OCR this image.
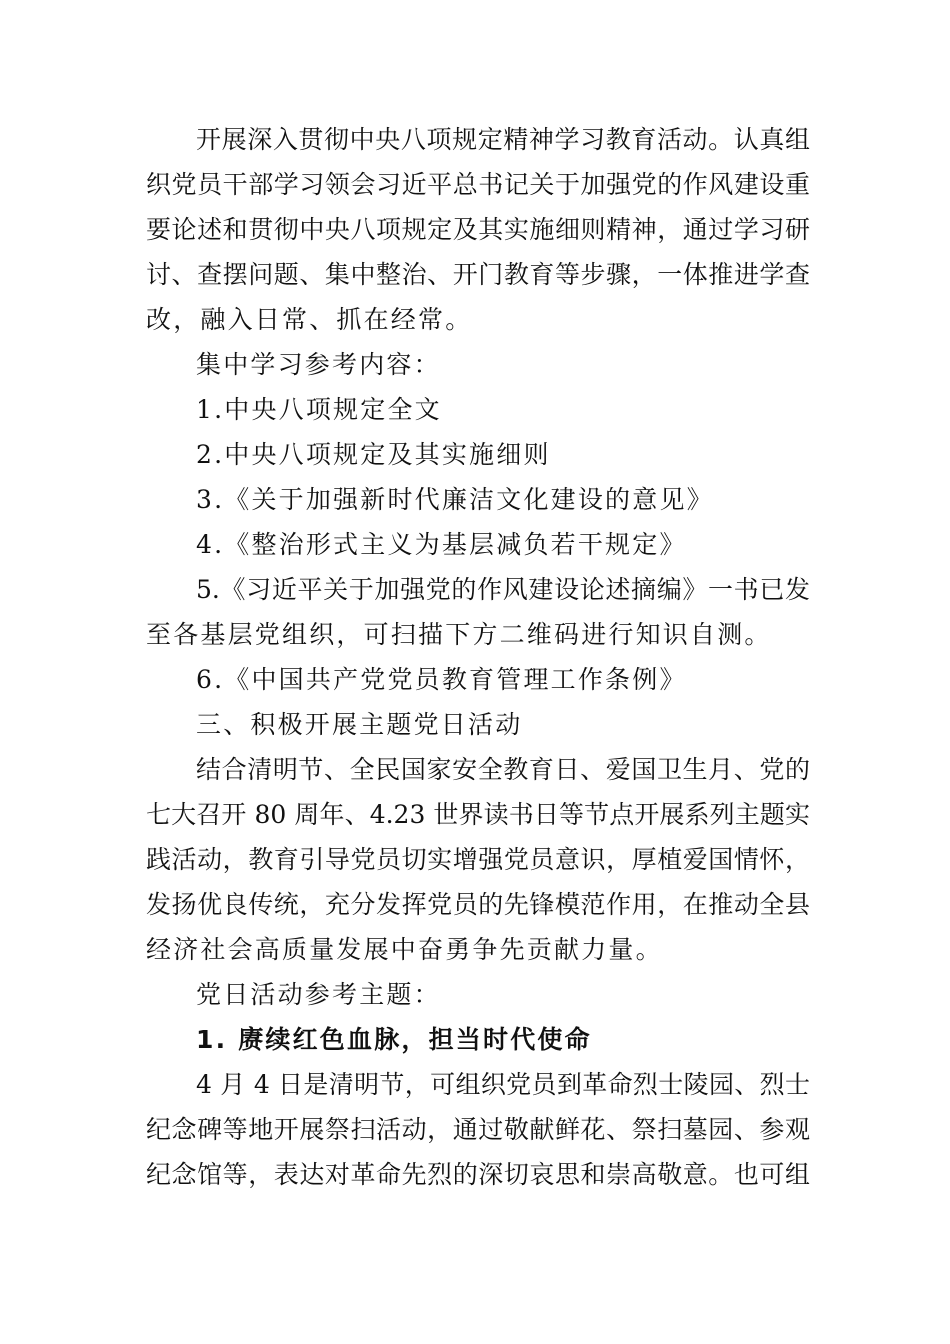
开展深入贯彻中央八项规定精神学习教育活动。认真组
织党员干部学习领会习近平总书记关于加强党的作风建设重
要论述和贯彻中央八项规定及其实施细则精神，通过学习研
讨、查摆问题、集中整治、开门教育等步骤，一体推进学查
改，融入日常、抓在经常。
集中学习参考内容：
1.中央八项规定全文
2.中央八项规定及其实施细则
3.《关于加强新时代廉洁文化建设的意见》
4.《整治形式主义为基层减负若干规定》
5.《习近平关于加强党的作风建设论述摘编》一书已发
至各基层党组织，可扫描下方二维码进行知识自测。
6.《中国共产党党员教育管理工作条例》
三、积极开展主题党日活动
结合清明节、全民国家安全教育日、爱国卫生月、党的
七大召开 80 周年、4.23 世界读书日等节点开展系列主题实
践活动，教育引导党员切实增强党员意识，厚植爱国情怀，
发扬优良传统，充分发挥党员的先锋模范作用，在推动全县
经济社会高质量发展中奋勇争先贡献力量。
党日活动参考主题：
1. 赓续红色血脉，担当时代使命
4 月 4 日是清明节，可组织党员到革命烈士陵园、烈士
纪念碑等地开展祭扫活动，通过敬献鲜花、祭扫墓园、参观
纪念馆等，表达对革命先烈的深切哀思和崇高敬意。也可组
